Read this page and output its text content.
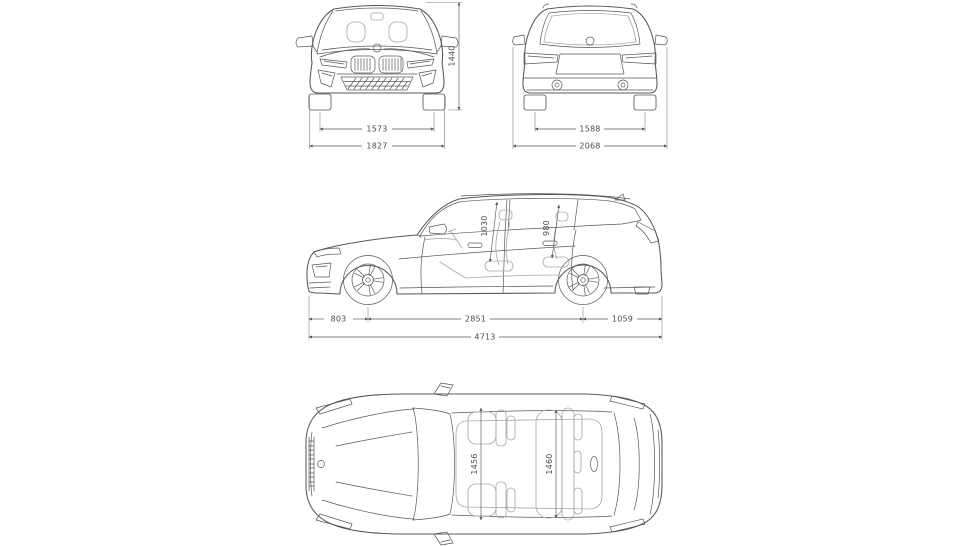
1573
1827
1440
1588
2068
1030	980
803	2851	1059
4713
1456	1460
